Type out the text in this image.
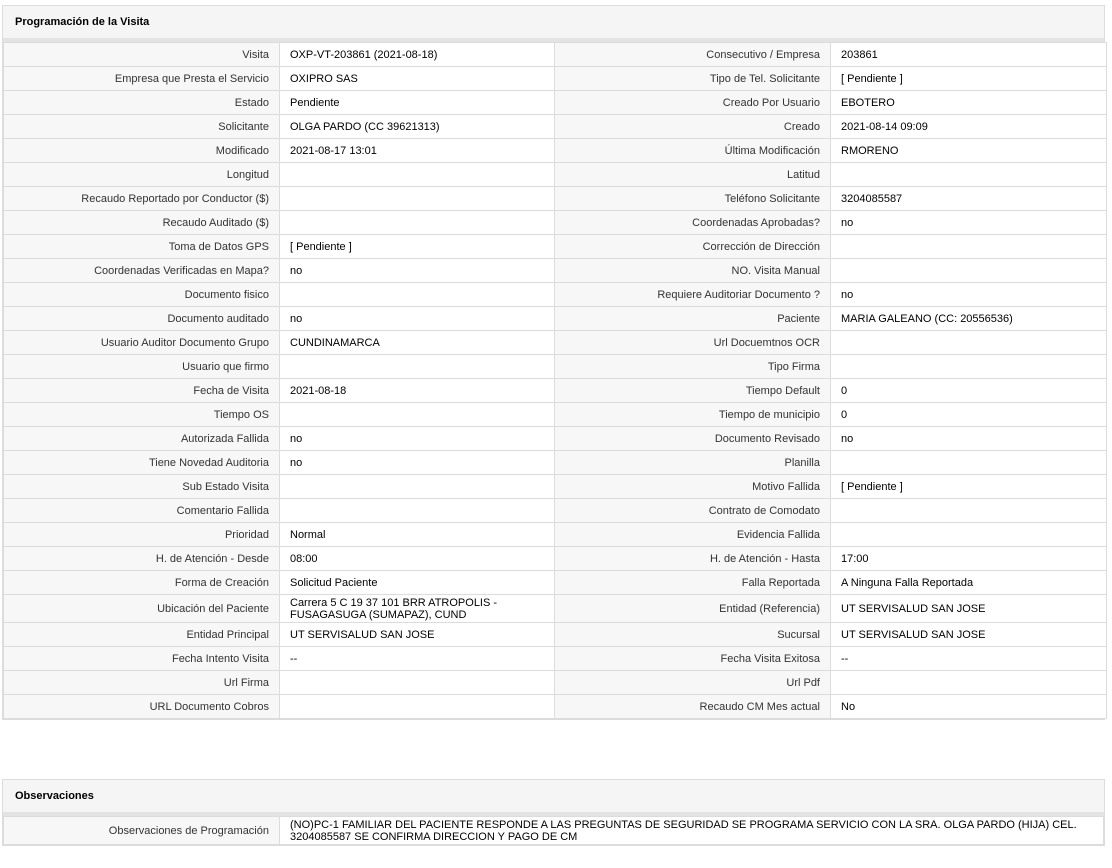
Programación de la Visita
Visita	OXP-VT-203861 (2021-08-18)	Consecutivo / Empresa	203861
Empresa que Presta el Servicio	OXIPRO SAS	Tipo de Tel. Solicitante	[ Pendiente ]
Estado	Pendiente	Creado Por Usuario	EBOTERO
Solicitante	OLGA PARDO (CC 39621313)	Creado	2021-08-14 09:09
Modificado	2021-08-17 13:01	Última Modificación	RMORENO
Longitud		Latitud	
Recaudo Reportado por Conductor ($)		Teléfono Solicitante	3204085587
Recaudo Auditado ($)		Coordenadas Aprobadas?	no
Toma de Datos GPS	[ Pendiente ]	Corrección de Dirección	
Coordenadas Verificadas en Mapa?	no	NO. Visita Manual	
Documento fisico		Requiere Auditoriar Documento ?	no
Documento auditado	no	Paciente	MARIA GALEANO (CC: 20556536)
Usuario Auditor Documento Grupo	CUNDINAMARCA	Url Docuemtnos OCR	
Usuario que firmo		Tipo Firma	
Fecha de Visita	2021-08-18	Tiempo Default	0
Tiempo OS		Tiempo de municipio	0
Autorizada Fallida	no	Documento Revisado	no
Tiene Novedad Auditoria	no	Planilla	
Sub Estado Visita		Motivo Fallida	[ Pendiente ]
Comentario Fallida		Contrato de Comodato	
Prioridad	Normal	Evidencia Fallida	
H. de Atención - Desde	08:00	H. de Atención - Hasta	17:00
Forma de Creación	Solicitud Paciente	Falla Reportada	A Ninguna Falla Reportada
Ubicación del Paciente	Carrera 5 C 19 37 101 BRR ATROPOLIS - FUSAGASUGA (SUMAPAZ), CUND	Entidad (Referencia)	UT SERVISALUD SAN JOSE
Entidad Principal	UT SERVISALUD SAN JOSE	Sucursal	UT SERVISALUD SAN JOSE
Fecha Intento Visita	--	Fecha Visita Exitosa	--
Url Firma		Url Pdf	
URL Documento Cobros		Recaudo CM Mes actual	No
Observaciones
Observaciones de Programación	(NO)PC-1 FAMILIAR DEL PACIENTE RESPONDE A LAS PREGUNTAS DE SEGURIDAD SE PROGRAMA SERVICIO CON LA SRA. OLGA PARDO (HIJA) CEL. 3204085587 SE CONFIRMA DIRECCION Y PAGO DE CM
